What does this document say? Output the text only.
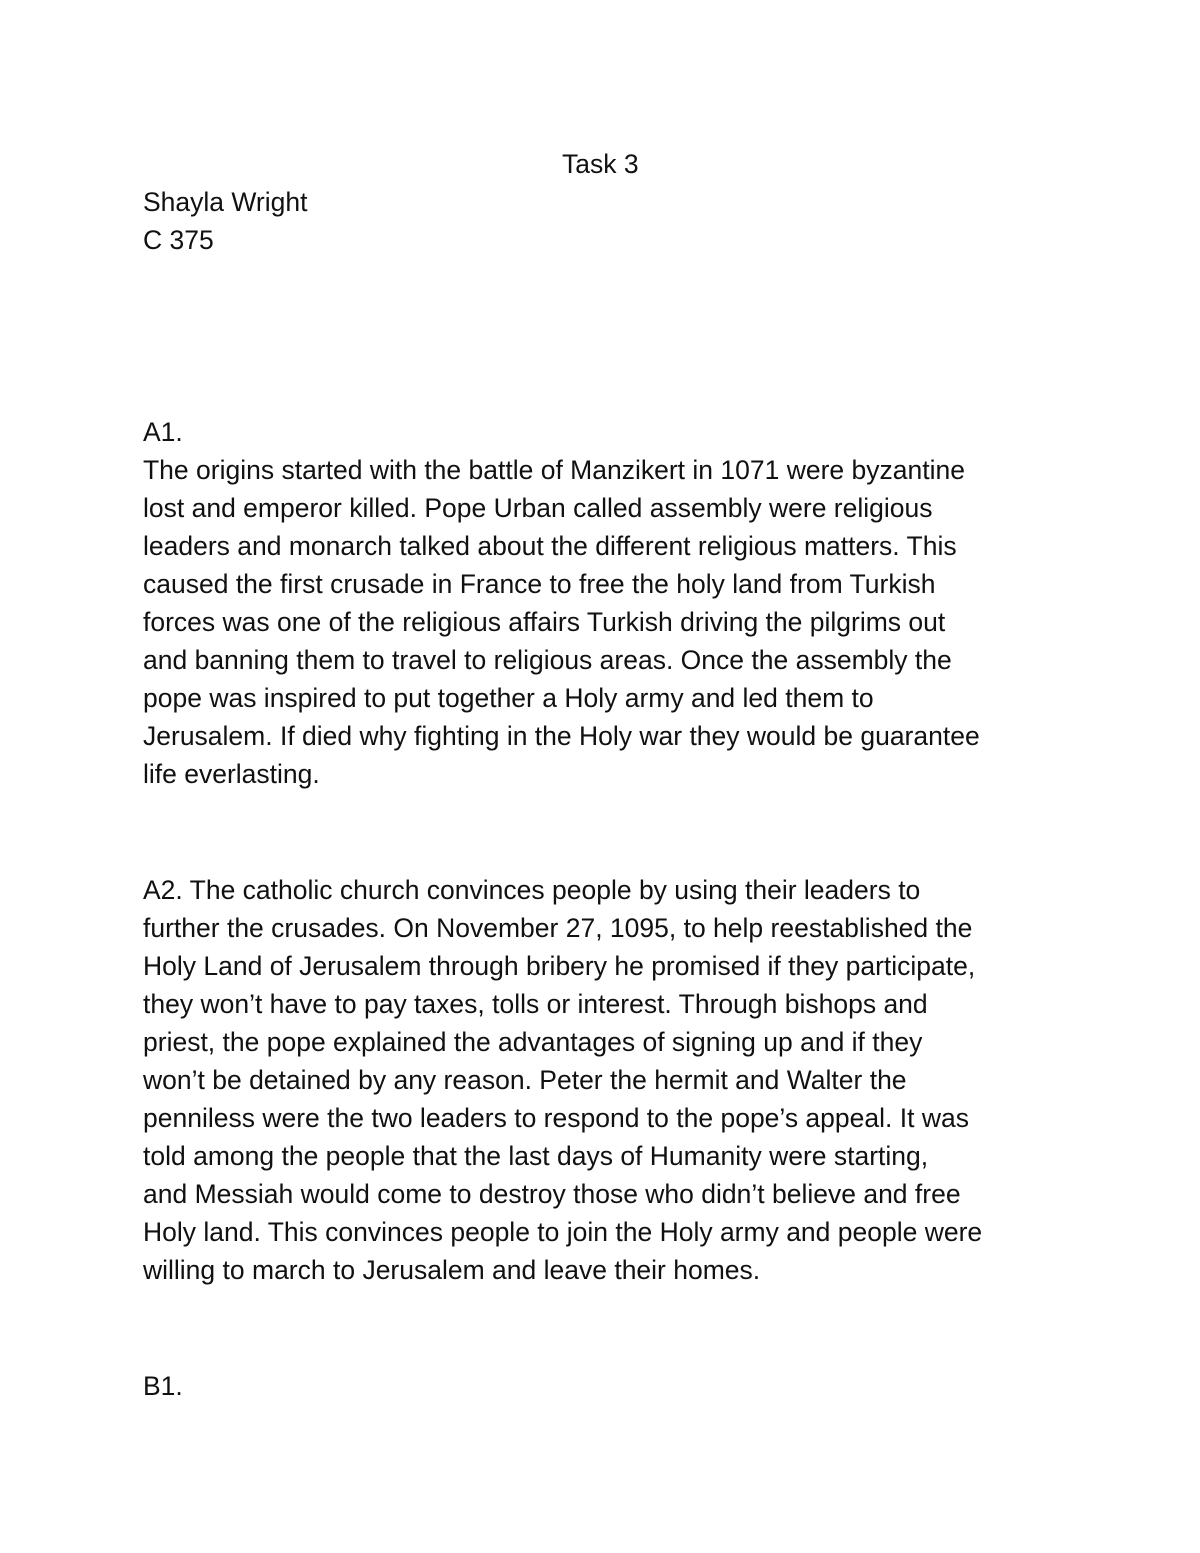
Task 3
Shayla Wright
C 375
A1.
The origins started with the battle of Manzikert in 1071 were byzantine
lost and emperor killed. Pope Urban called assembly were religious
leaders and monarch talked about the different religious matters. This
caused the first crusade in France to free the holy land from Turkish
forces was one of the religious affairs Turkish driving the pilgrims out
and banning them to travel to religious areas. Once the assembly the
pope was inspired to put together a Holy army and led them to
Jerusalem. If died why fighting in the Holy war they would be guarantee
life everlasting.
A2. The catholic church convinces people by using their leaders to
further the crusades. On November 27, 1095, to help reestablished the
Holy Land of Jerusalem through bribery he promised if they participate,
they won’t have to pay taxes, tolls or interest. Through bishops and
priest, the pope explained the advantages of signing up and if they
won’t be detained by any reason. Peter the hermit and Walter the
penniless were the two leaders to respond to the pope’s appeal. It was
told among the people that the last days of Humanity were starting,
and Messiah would come to destroy those who didn’t believe and free
Holy land. This convinces people to join the Holy army and people were
willing to march to Jerusalem and leave their homes.
B1.
